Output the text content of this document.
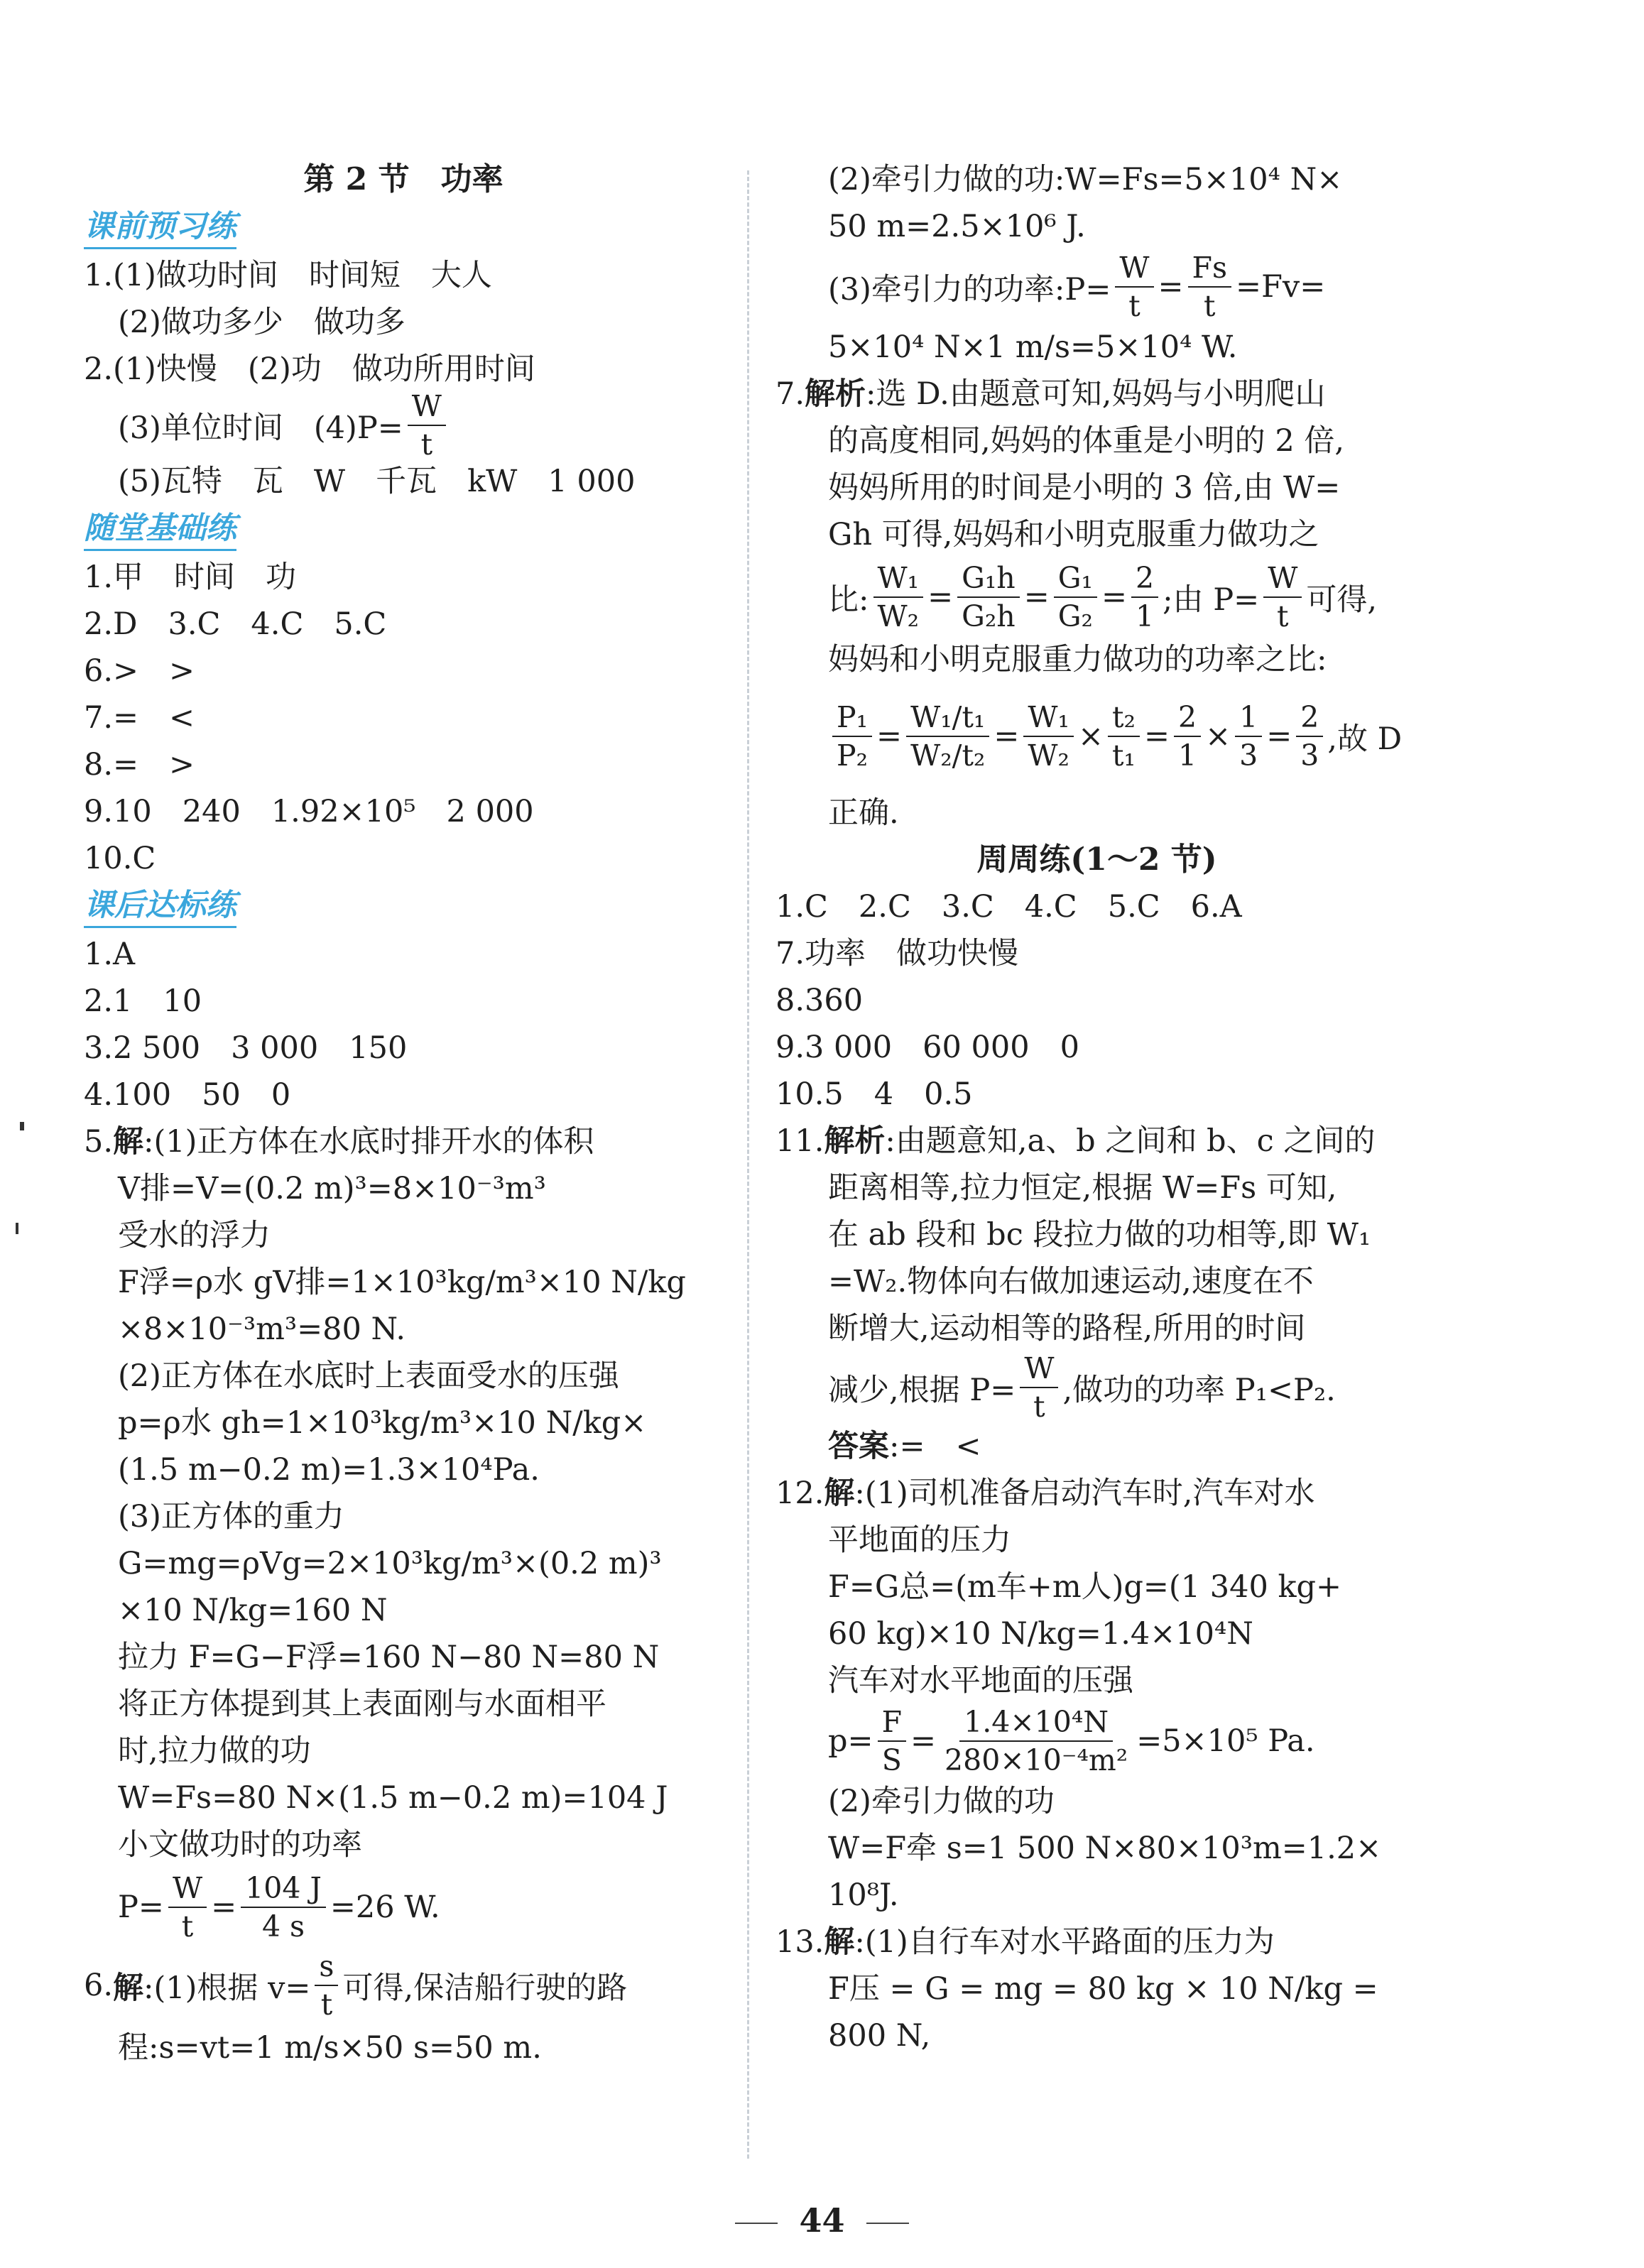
第 2 节　功率
课前预习练
1.(1)做功时间　时间短　大人
(2)做功多少　做功多
2.(1)快慢　(2)功　做功所用时间
(3)单位时间　$(4)P= \frac{W}{t}$
(5)瓦特　瓦　W　千瓦　kW　1 000
随堂基础练
1.甲　时间　功
2.D　3.C　4.C　5.C
6.>　>
7.=　<
8.=　>
9.10　240　1.92×10⁵　2 000
10.C
课后达标练
1.A
2.1　10
3.2 500　3 000　150
4.100　50　0
5.解:(1)正方体在水底时排开水的体积
V排=V=(0.2 m)³=8×10⁻³m³
受水的浮力
F浮=ρ水 gV排=1×10³kg/m³×10 N/kg
×8×10⁻³m³=80 N.
(2)正方体在水底时上表面受水的压强
p=ρ水 gh=1×10³kg/m³×10 N/kg×
(1.5 m−0.2 m)=1.3×10⁴Pa.
(3)正方体的重力
G=mg=ρVg=2×10³kg/m³×(0.2 m)³
×10 N/kg=160 N
拉力 F=G−F浮=160 N−80 N=80 N
将正方体提到其上表面刚与水面相平
时,拉力做的功
W=Fs=80 N×(1.5 m−0.2 m)=104 J
小文做功时的功率
$P= \frac{W}{t} = \frac{104 J}{4 s} =26$ W.
6. 解 :(1)根据 $v= \frac{s}{t}$ 可得,保洁船行驶的路
程:s=vt=1 m/s×50 s=50 m.
(2)牵引力做的功:W=Fs=5×10⁴ N×
50 m=2.5×10⁶ J.
(3)牵引力的功率:P= $\frac{W}{t} = \frac{Fs}{t} =Fv=$
5×10⁴ N×1 m/s=5×10⁴ W.
7.解析:选 D.由题意可知,妈妈与小明爬山
的高度相同,妈妈的体重是小明的 2 倍,
妈妈所用的时间是小明的 3 倍,由 W=
Gh 可得,妈妈和小明克服重力做功之
比: $\frac{\text{W₁}}{\text{W₂}} = \frac{\text{G₁h}}{\text{G₂h}} = \frac{\text{G₁}}{\text{G₂}} = \frac{2}{1}$ ;由 $P= \frac{W}{t}$ 可得,
妈妈和小明克服重力做功的功率之比:
$\frac{\text{P₁}}{\text{P₂}} = \frac{\text{W₁/t₁}}{\text{W₂/t₂}} = \frac{\text{W₁}}{\text{W₂}} \times \frac{\text{t₂}}{\text{t₁}} = \frac{2}{1} \times \frac{1}{3} = \frac{2}{3}$ ,故 D
正确.
周周练(1～2 节)
1.C　2.C　3.C　4.C　5.C　6.A
7.功率　做功快慢
8.360
9.3 000　60 000　0
10.5　4　0.5
11.解析:由题意知,a、b 之间和 b、c 之间的
距离相等,拉力恒定,根据 W=Fs 可知,
在 ab 段和 bc 段拉力做的功相等,即 W₁
=W₂.物体向右做加速运动,速度在不
断增大,运动相等的路程,所用的时间
减少,根据 $P= \frac{W}{t}$ ,做功的功率 P₁<P₂.
答案:=　<
12.解:(1)司机准备启动汽车时,汽车对水
平地面的压力
F=G总=(m车+m人)g=(1 340 kg+
60 kg)×10 N/kg=1.4×10⁴N
汽车对水平地面的压强
$p= \frac{F}{S} = \frac{\text{1.4×10⁴N}}{\text{280×10⁻⁴m²}} =5\times 10^5$ Pa.
(2)牵引力做的功
W=F牵 s=1 500 N×80×10³m=1.2×
10⁸J.
13.解:(1)自行车对水平路面的压力为
F压 = G = mg = 80 kg × 10 N/kg =
800 N,
44
